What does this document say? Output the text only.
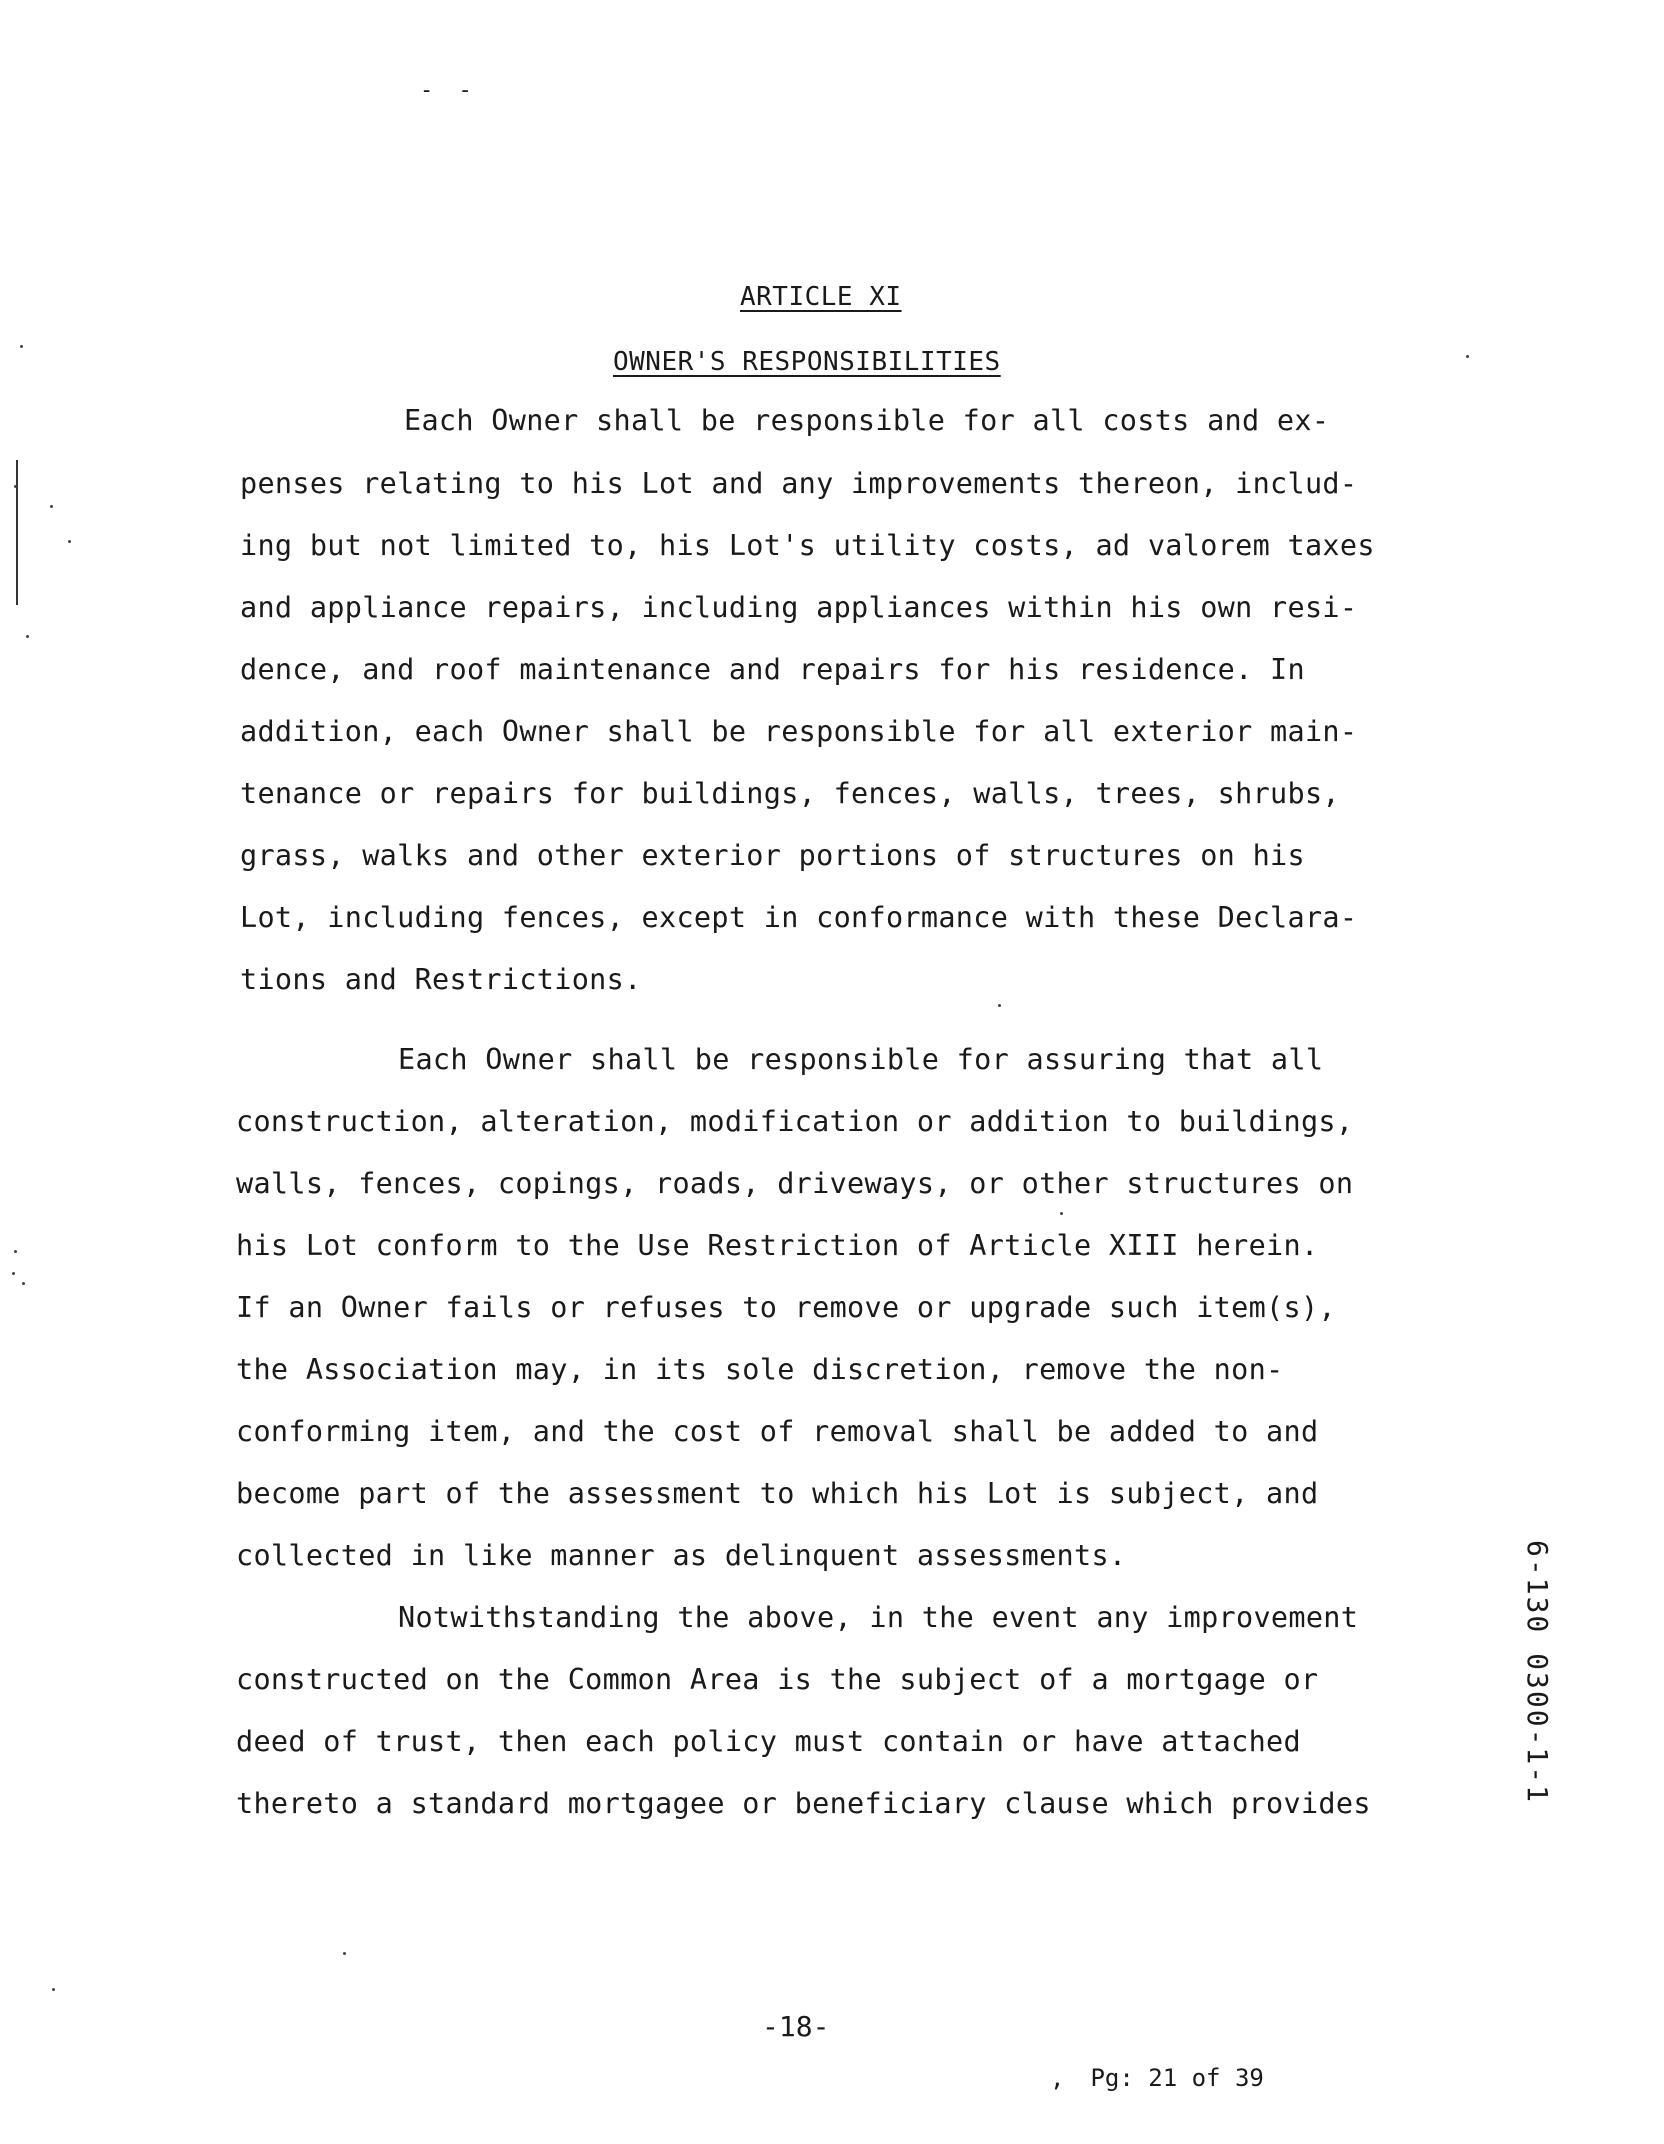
- -
ARTICLE XI
OWNER'S RESPONSIBILITIES
Each Owner shall be responsible for all costs and ex-
penses relating to his Lot and any improvements thereon, includ-
ing but not limited to, his Lot's utility costs, ad valorem taxes
and appliance repairs, including appliances within his own resi-
dence, and roof maintenance and repairs for his residence. In
addition, each Owner shall be responsible for all exterior main-
tenance or repairs for buildings, fences, walls, trees, shrubs,
grass, walks and other exterior portions of structures on his
Lot, including fences, except in conformance with these Declara-
tions and Restrictions.
Each Owner shall be responsible for assuring that all
construction, alteration, modification or addition to buildings,
walls, fences, copings, roads, driveways, or other structures on
his Lot conform to the Use Restriction of Article XIII herein.
If an Owner fails or refuses to remove or upgrade such item(s),
the Association may, in its sole discretion, remove the non-
conforming item, and the cost of removal shall be added to and
become part of the assessment to which his Lot is subject, and
collected in like manner as delinquent assessments.
Notwithstanding the above, in the event any improvement
constructed on the Common Area is the subject of a mortgage or
deed of trust, then each policy must contain or have attached
thereto a standard mortgagee or beneficiary clause which provides	6-130 0300-1-1
-18-
, Pg: 21 of 39
